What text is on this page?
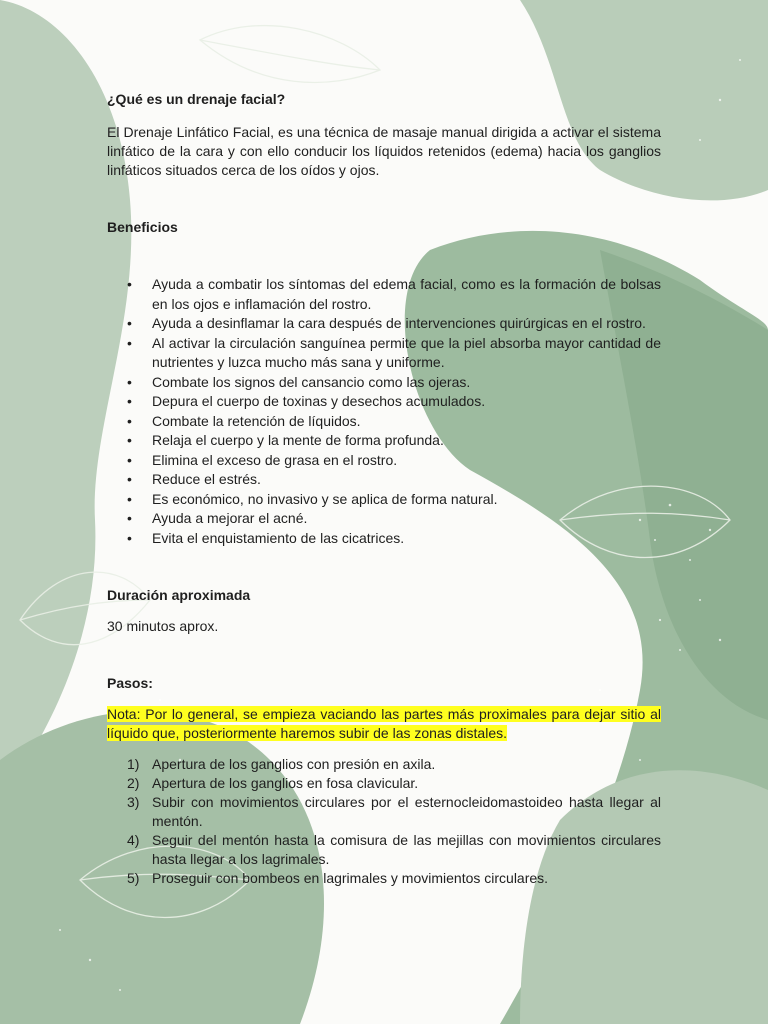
¿Qué es un drenaje facial?

El Drenaje Linfático Facial, es una técnica de masaje manual dirigida a activar el sistema linfático de la cara y con ello conducir los líquidos retenidos (edema) hacia los ganglios linfáticos situados cerca de los oídos y ojos.

Beneficios

• Ayuda a combatir los síntomas del edema facial, como es la formación de bolsas en los ojos e inflamación del rostro.
• Ayuda a desinflamar la cara después de intervenciones quirúrgicas en el rostro.
• Al activar la circulación sanguínea permite que la piel absorba mayor cantidad de nutrientes y luzca mucho más sana y uniforme.
• Combate los signos del cansancio como las ojeras.
• Depura el cuerpo de toxinas y desechos acumulados.
• Combate la retención de líquidos.
• Relaja el cuerpo y la mente de forma profunda.
• Elimina el exceso de grasa en el rostro.
• Reduce el estrés.
• Es económico, no invasivo y se aplica de forma natural.
• Ayuda a mejorar el acné.
• Evita el enquistamiento de las cicatrices.

Duración aproximada

30 minutos aprox.

Pasos:

Nota: Por lo general, se empieza vaciando las partes más proximales para dejar sitio al líquido que, posteriormente haremos subir de las zonas distales.

1) Apertura de los ganglios con presión en axila.
2) Apertura de los ganglios en fosa clavicular.
3) Subir con movimientos circulares por el esternocleidomastoideo hasta llegar al mentón.
4) Seguir del mentón hasta la comisura de las mejillas con movimientos circulares hasta llegar a los lagrimales.
5) Proseguir con bombeos en lagrimales y movimientos circulares.
